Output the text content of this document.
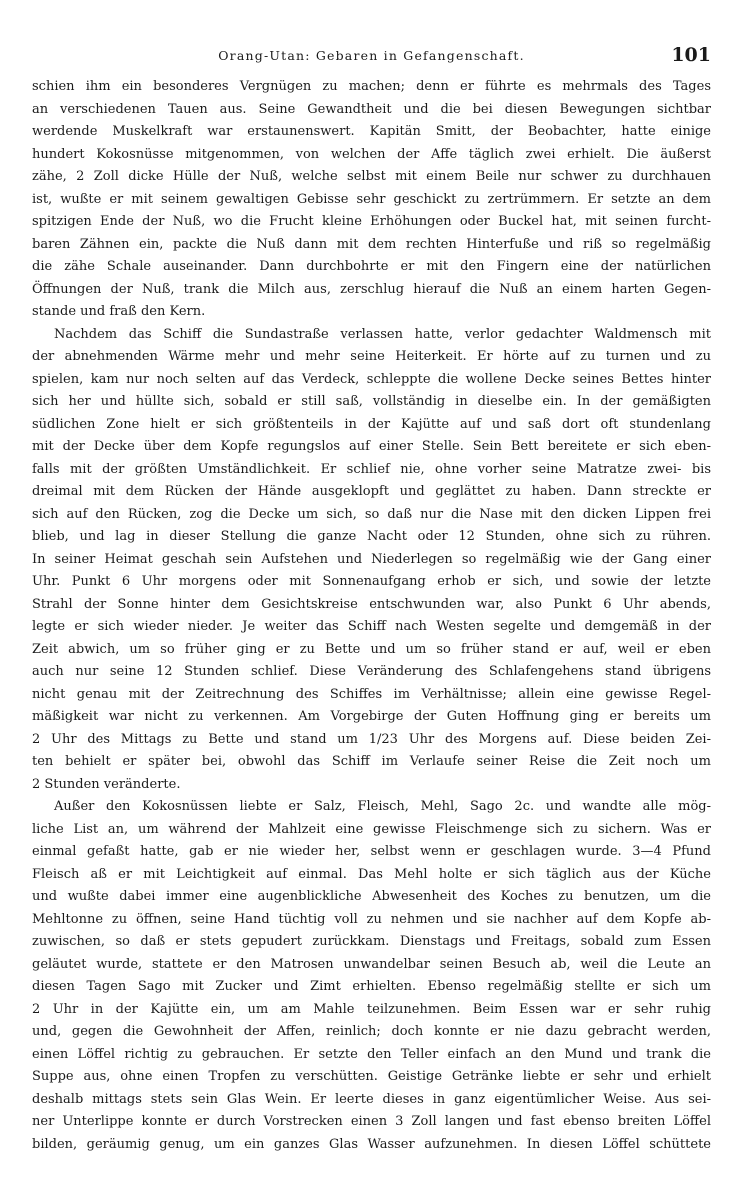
Orang-Utan: Gebaren in Gefangenschaft.	101
schien ihm ein besonderes Vergnügen zu machen; denn er führte es mehrmals des Tages
an verschiedenen Tauen aus. Seine Gewandtheit und die bei diesen Bewegungen sichtbar
werdende Muskelkraft war erstaunenswert. Kapitän Smitt, der Beobachter, hatte einige
hundert Kokosnüsse mitgenommen, von welchen der Affe täglich zwei erhielt. Die äußerst
zähe, 2 Zoll dicke Hülle der Nuß, welche selbst mit einem Beile nur schwer zu durchhauen
ist, wußte er mit seinem gewaltigen Gebisse sehr geschickt zu zertrümmern. Er setzte an dem
spitzigen Ende der Nuß, wo die Frucht kleine Erhöhungen oder Buckel hat, mit seinen furcht-
baren Zähnen ein, packte die Nuß dann mit dem rechten Hinterfuße und riß so regelmäßig
die zähe Schale auseinander. Dann durchbohrte er mit den Fingern eine der natürlichen
Öffnungen der Nuß, trank die Milch aus, zerschlug hierauf die Nuß an einem harten Gegen-
stande und fraß den Kern.
Nachdem das Schiff die Sundastraße verlassen hatte, verlor gedachter Waldmensch mit
der abnehmenden Wärme mehr und mehr seine Heiterkeit. Er hörte auf zu turnen und zu
spielen, kam nur noch selten auf das Verdeck, schleppte die wollene Decke seines Bettes hinter
sich her und hüllte sich, sobald er still saß, vollständig in dieselbe ein. In der gemäßigten
südlichen Zone hielt er sich größtenteils in der Kajütte auf und saß dort oft stundenlang
mit der Decke über dem Kopfe regungslos auf einer Stelle. Sein Bett bereitete er sich eben-
falls mit der größten Umständlichkeit. Er schlief nie, ohne vorher seine Matratze zwei- bis
dreimal mit dem Rücken der Hände ausgeklopft und geglättet zu haben. Dann streckte er
sich auf den Rücken, zog die Decke um sich, so daß nur die Nase mit den dicken Lippen frei
blieb, und lag in dieser Stellung die ganze Nacht oder 12 Stunden, ohne sich zu rühren.
In seiner Heimat geschah sein Aufstehen und Niederlegen so regelmäßig wie der Gang einer
Uhr. Punkt 6 Uhr morgens oder mit Sonnenaufgang erhob er sich, und sowie der letzte
Strahl der Sonne hinter dem Gesichtskreise entschwunden war, also Punkt 6 Uhr abends,
legte er sich wieder nieder. Je weiter das Schiff nach Westen segelte und demgemäß in der
Zeit abwich, um so früher ging er zu Bette und um so früher stand er auf, weil er eben
auch nur seine 12 Stunden schlief. Diese Veränderung des Schlafengehens stand übrigens
nicht genau mit der Zeitrechnung des Schiffes im Verhältnisse; allein eine gewisse Regel-
mäßigkeit war nicht zu verkennen. Am Vorgebirge der Guten Hoffnung ging er bereits um
2 Uhr des Mittags zu Bette und stand um 1/23 Uhr des Morgens auf. Diese beiden Zei-
ten behielt er später bei, obwohl das Schiff im Verlaufe seiner Reise die Zeit noch um
2 Stunden veränderte.
Außer den Kokosnüssen liebte er Salz, Fleisch, Mehl, Sago 2c. und wandte alle mög-
liche List an, um während der Mahlzeit eine gewisse Fleischmenge sich zu sichern. Was er
einmal gefaßt hatte, gab er nie wieder her, selbst wenn er geschlagen wurde. 3—4 Pfund
Fleisch aß er mit Leichtigkeit auf einmal. Das Mehl holte er sich täglich aus der Küche
und wußte dabei immer eine augenblickliche Abwesenheit des Koches zu benutzen, um die
Mehltonne zu öffnen, seine Hand tüchtig voll zu nehmen und sie nachher auf dem Kopfe ab-
zuwischen, so daß er stets gepudert zurückkam. Dienstags und Freitags, sobald zum Essen
geläutet wurde, stattete er den Matrosen unwandelbar seinen Besuch ab, weil die Leute an
diesen Tagen Sago mit Zucker und Zimt erhielten. Ebenso regelmäßig stellte er sich um
2 Uhr in der Kajütte ein, um am Mahle teilzunehmen. Beim Essen war er sehr ruhig
und, gegen die Gewohnheit der Affen, reinlich; doch konnte er nie dazu gebracht werden,
einen Löffel richtig zu gebrauchen. Er setzte den Teller einfach an den Mund und trank die
Suppe aus, ohne einen Tropfen zu verschütten. Geistige Getränke liebte er sehr und erhielt
deshalb mittags stets sein Glas Wein. Er leerte dieses in ganz eigentümlicher Weise. Aus sei-
ner Unterlippe konnte er durch Vorstrecken einen 3 Zoll langen und fast ebenso breiten Löffel
bilden, geräumig genug, um ein ganzes Glas Wasser aufzunehmen. In diesen Löffel schüttete
